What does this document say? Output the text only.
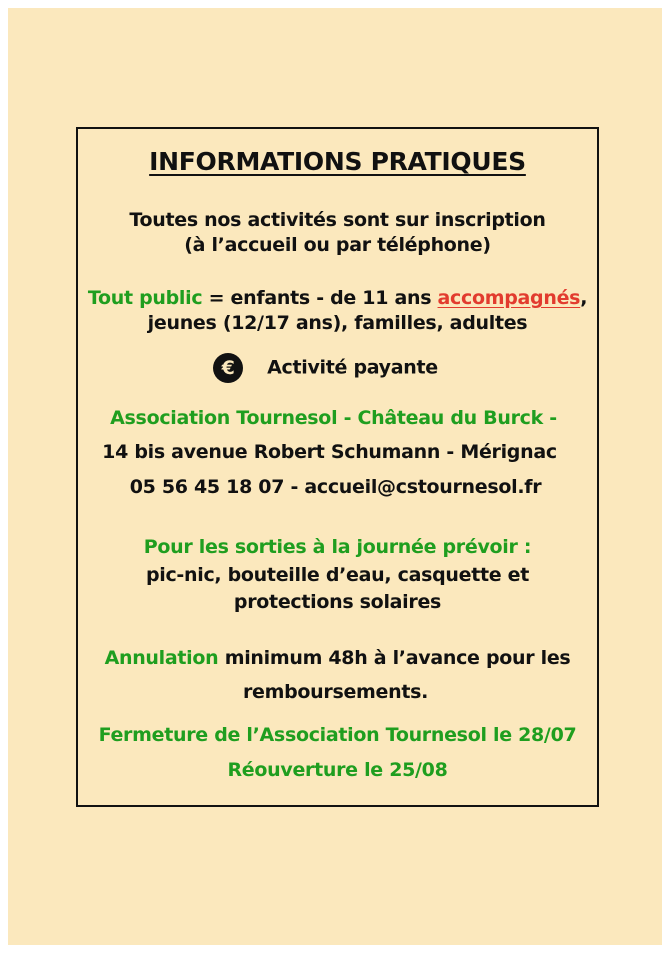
INFORMATIONS PRATIQUES
Toutes nos activités sont sur inscription
(à l’accueil ou par téléphone)
Tout public = enfants - de 11 ans accompagnés,
jeunes (12/17 ans), familles, adultes
€ Activité payante
Association Tournesol - Château du Burck -
14 bis avenue Robert Schumann - Mérignac
05 56 45 18 07 - accueil@cstournesol.fr
Pour les sorties à la journée prévoir :
pic-nic, bouteille d’eau, casquette et
protections solaires
Annulation minimum 48h à l’avance pour les
remboursements.
Fermeture de l’Association Tournesol le 28/07
Réouverture le 25/08
